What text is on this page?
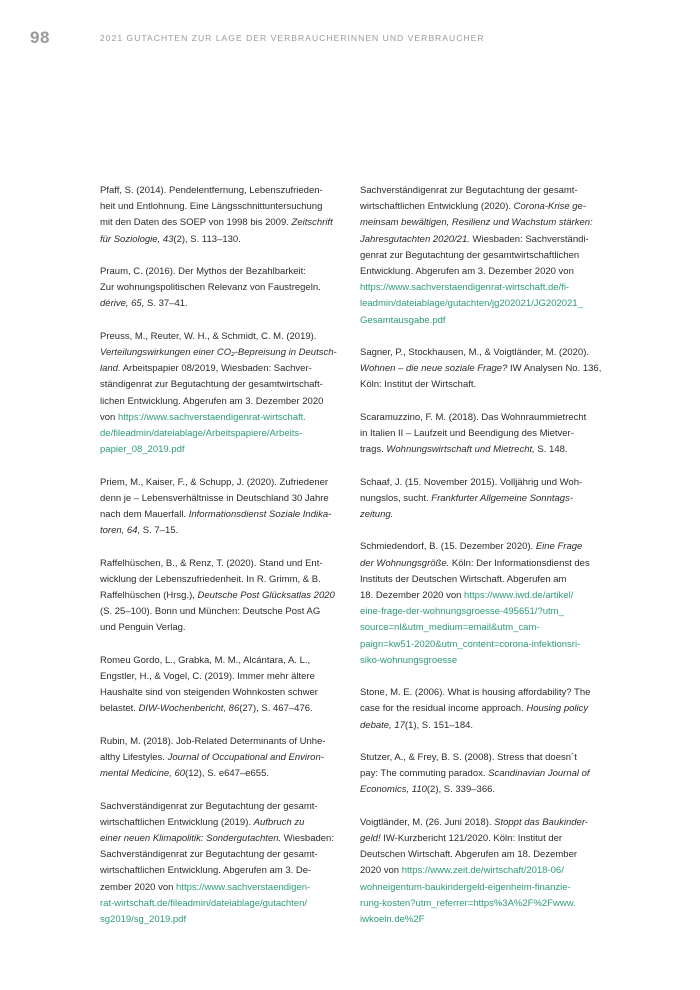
98	2021 GUTACHTEN ZUR LAGE DER VERBRAUCHERINNEN UND VERBRAUCHER
Pfaff, S. (2014). Pendelentfernung, Lebenszufrieden-
heit und Entlohnung. Eine Längsschnittuntersuchung
mit den Daten des SOEP von 1998 bis 2009. Zeitschrift
für Soziologie, 43(2), S. 113–130.
Praum, C. (2016). Der Mythos der Bezahlbarkeit:
Zur wohnungspolitischen Relevanz von Faustregeln.
dérive, 65, S. 37–41.
Preuss, M., Reuter, W. H., & Schmidt, C. M. (2019).
Verteilungswirkungen einer CO₂-Bepreisung in Deutsch-
land. Arbeitspapier 08/2019, Wiesbaden: Sachver-
ständigenrat zur Begutachtung der gesamtwirtschaft-
lichen Entwicklung. Abgerufen am 3. Dezember 2020
von https://www.sachverstaendigenrat-wirtschaft.
de/fileadmin/dateiablage/Arbeitspapiere/Arbeits-
papier_08_2019.pdf
Priem, M., Kaiser, F., & Schupp, J. (2020). Zufriedener
denn je – Lebensverhältnisse in Deutschland 30 Jahre
nach dem Mauerfall. Informationsdienst Soziale Indika-
toren, 64, S. 7–15.
Raffelhüschen, B., & Renz, T. (2020). Stand und Ent-
wicklung der Lebenszufriedenheit. In R. Grimm, & B.
Raffelhüschen (Hrsg.), Deutsche Post Glücksatlas 2020
(S. 25–100). Bonn und München: Deutsche Post AG
und Penguin Verlag.
Romeu Gordo, L., Grabka, M. M., Alcántara, A. L.,
Engstler, H., & Vogel, C. (2019). Immer mehr ältere
Haushalte sind von steigenden Wohnkosten schwer
belastet. DIW-Wochenbericht, 86(27), S. 467–476.
Rubin, M. (2018). Job-Related Determinants of Unhe-
althy Lifestyles. Journal of Occupational and Environ-
mental Medicine, 60(12), S. e647–e655.
Sachverständigenrat zur Begutachtung der gesamt-
wirtschaftlichen Entwicklung (2019). Aufbruch zu
einer neuen Klimapolitik: Sondergutachten. Wiesbaden:
Sachverständigenrat zur Begutachtung der gesamt-
wirtschaftlichen Entwicklung. Abgerufen am 3. De-
zember 2020 von https://www.sachverstaendigen-
rat-wirtschaft.de/fileadmin/dateiablage/gutachten/
sg2019/sg_2019.pdf
Sachverständigenrat zur Begutachtung der gesamt-
wirtschaftlichen Entwicklung (2020). Corona-Krise ge-
meinsam bewältigen, Resilienz und Wachstum stärken:
Jahresgutachten 2020/21. Wiesbaden: Sachverständi-
genrat zur Begutachtung der gesamtwirtschaftlichen
Entwicklung. Abgerufen am 3. Dezember 2020 von
https://www.sachverstaendigenrat-wirtschaft.de/fi-
leadmin/dateiablage/gutachten/jg202021/JG202021_
Gesamtausgabe.pdf
Sagner, P., Stockhausen, M., & Voigtländer, M. (2020).
Wohnen – die neue soziale Frage? IW Analysen No. 136,
Köln: Institut der Wirtschaft.
Scaramuzzino, F. M. (2018). Das Wohnraummietrecht
in Italien II – Laufzeit und Beendigung des Mietver-
trags. Wohnungswirtschaft und Mietrecht, S. 148.
Schaaf, J. (15. November 2015). Volljährig und Woh-
nungslos, sucht. Frankfurter Allgemeine Sonntags-
zeitung.
Schmiedendorf, B. (15. Dezember 2020). Eine Frage
der Wohnungsgröße. Köln: Der Informationsdienst des
Instituts der Deutschen Wirtschaft. Abgerufen am
18. Dezember 2020 von https://www.iwd.de/artikel/
eine-frage-der-wohnungsgroesse-495651/?utm_
source=nl&utm_medium=email&utm_cam-
paign=kw51-2020&utm_content=corona-infektionsri-
siko-wohnungsgroesse
Stone, M. E. (2006). What is housing affordability? The
case for the residual income approach. Housing policy
debate, 17(1), S. 151–184.
Stutzer, A., & Frey, B. S. (2008). Stress that doesn´t
pay: The commuting paradox. Scandinavian Journal of
Economics, 110(2), S. 339–366.
Voigtländer, M. (26. Juni 2018). Stoppt das Baukinder-
geld! IW-Kurzbericht 121/2020. Köln: Institut der
Deutschen Wirtschaft. Abgerufen am 18. Dezember
2020 von https://www.zeit.de/wirtschaft/2018-06/
wohneigentum-baukindergeld-eigenheim-finanzie-
rung-kosten?utm_referrer=https%3A%2F%2Fwww.
iwkoeln.de%2F
